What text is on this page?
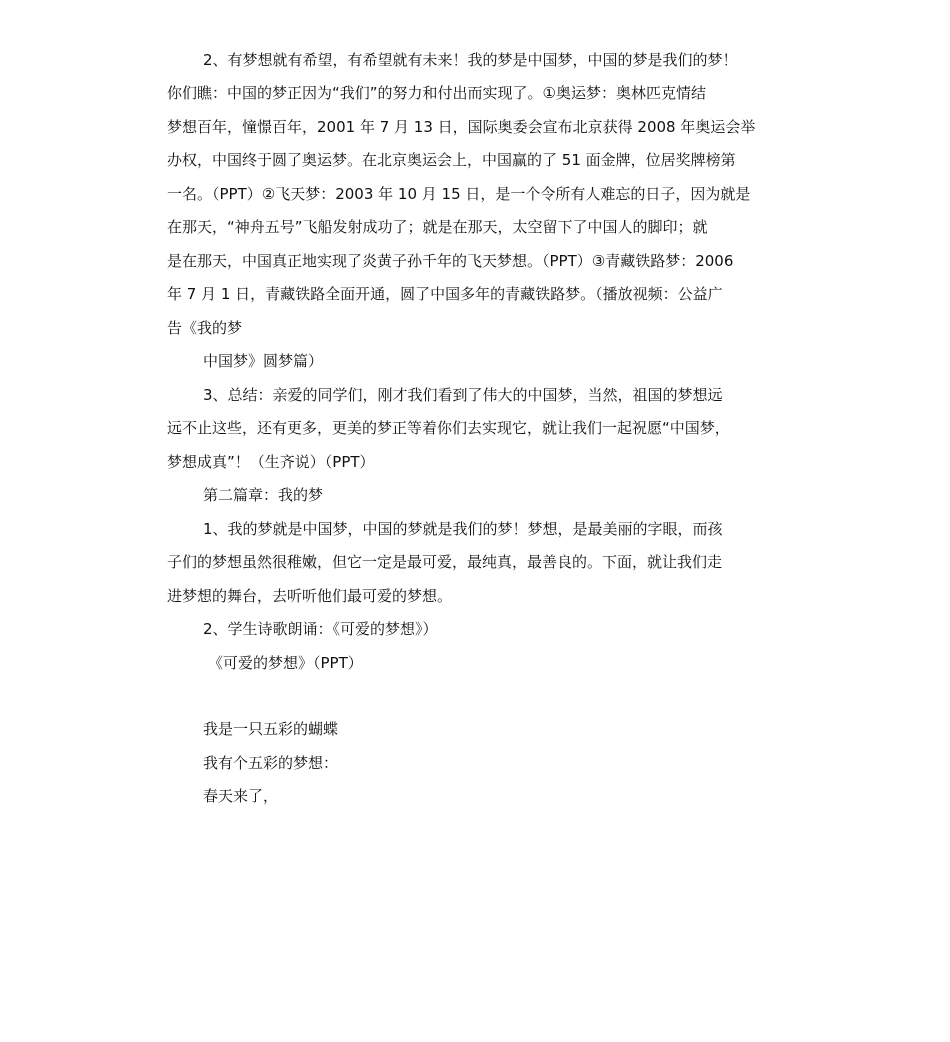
2、有梦想就有希望，有希望就有未来！我的梦是中国梦，中国的梦是我们的梦！
你们瞧：中国的梦正因为“我们”的努力和付出而实现了。①奥运梦：奥林匹克情结
梦想百年，憧憬百年，2001 年 7 月 13 日，国际奥委会宣布北京获得 2008 年奥运会举
办权，中国终于圆了奥运梦。在北京奥运会上，中国赢的了 51 面金牌，位居奖牌榜第
一名。（PPT）②飞天梦：2003 年 10 月 15 日，是一个令所有人难忘的日子，因为就是
在那天，“神舟五号”飞船发射成功了；就是在那天，太空留下了中国人的脚印；就
是在那天，中国真正地实现了炎黄子孙千年的飞天梦想。（PPT）③青藏铁路梦：2006
年 7 月 1 日，青藏铁路全面开通，圆了中国多年的青藏铁路梦。（播放视频：公益广
告《我的梦
中国梦》圆梦篇）
3、总结：亲爱的同学们，刚才我们看到了伟大的中国梦，当然，祖国的梦想远
远不止这些，还有更多，更美的梦正等着你们去实现它，就让我们一起祝愿“中国梦，
梦想成真”！（生齐说）（PPT）
第二篇章：我的梦
1、我的梦就是中国梦，中国的梦就是我们的梦！梦想，是最美丽的字眼，而孩
子们的梦想虽然很稚嫩，但它一定是最可爱，最纯真，最善良的。下面，就让我们走
进梦想的舞台，去听听他们最可爱的梦想。
2、学生诗歌朗诵：《可爱的梦想》）
《可爱的梦想》（PPT）
我是一只五彩的蝴蝶
我有个五彩的梦想：
春天来了，
